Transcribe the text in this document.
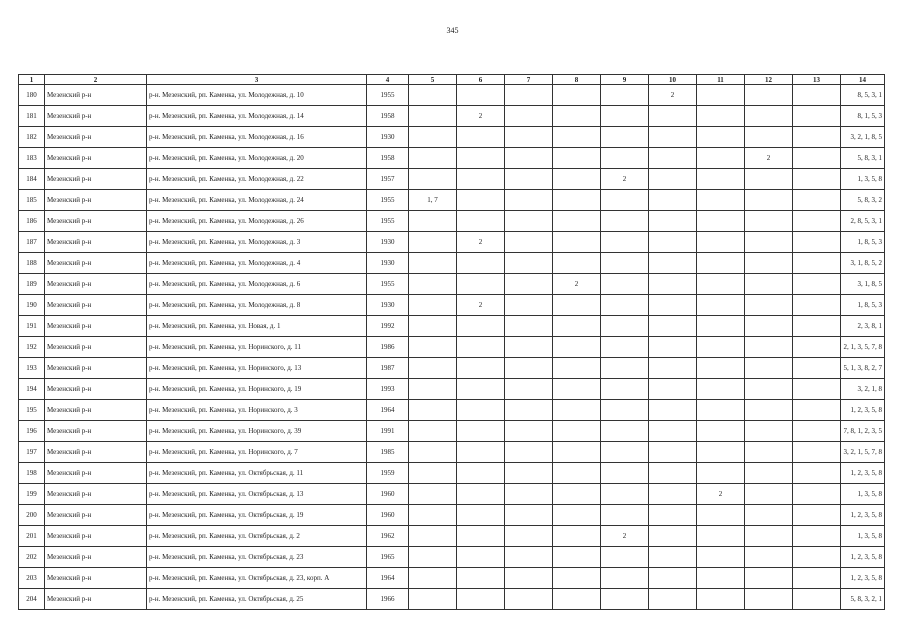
345
1	2	3	4	5	6	7	8	9	10	11	12	13	14
180	Мезенский р-н	р-н. Мезенский, рп. Каменка, ул. Молодежная, д. 10	1955						2				8, 5, 3, 1
181	Мезенский р-н	р-н. Мезенский, рп. Каменка, ул. Молодежная, д. 14	1958		2								8, 1, 5, 3
182	Мезенский р-н	р-н. Мезенский, рп. Каменка, ул. Молодежная, д. 16	1930										3, 2, 1, 8, 5
183	Мезенский р-н	р-н. Мезенский, рп. Каменка, ул. Молодежная, д. 20	1958								2		5, 8, 3, 1
184	Мезенский р-н	р-н. Мезенский, рп. Каменка, ул. Молодежная, д. 22	1957					2					1, 3, 5, 8
185	Мезенский р-н	р-н. Мезенский, рп. Каменка, ул. Молодежная, д. 24	1955	1, 7									5, 8, 3, 2
186	Мезенский р-н	р-н. Мезенский, рп. Каменка, ул. Молодежная, д. 26	1955										2, 8, 5, 3, 1
187	Мезенский р-н	р-н. Мезенский, рп. Каменка, ул. Молодежная, д. 3	1930		2								1, 8, 5, 3
188	Мезенский р-н	р-н. Мезенский, рп. Каменка, ул. Молодежная, д. 4	1930										3, 1, 8, 5, 2
189	Мезенский р-н	р-н. Мезенский, рп. Каменка, ул. Молодежная, д. 6	1955				2						3, 1, 8, 5
190	Мезенский р-н	р-н. Мезенский, рп. Каменка, ул. Молодежная, д. 8	1930		2								1, 8, 5, 3
191	Мезенский р-н	р-н. Мезенский, рп. Каменка, ул. Новая, д. 1	1992										2, 3, 8, 1
192	Мезенский р-н	р-н. Мезенский, рп. Каменка, ул. Норинского, д. 11	1986										2, 1, 3, 5, 7, 8
193	Мезенский р-н	р-н. Мезенский, рп. Каменка, ул. Норинского, д. 13	1987										5, 1, 3, 8, 2, 7
194	Мезенский р-н	р-н. Мезенский, рп. Каменка, ул. Норинского, д. 19	1993										3, 2, 1, 8
195	Мезенский р-н	р-н. Мезенский, рп. Каменка, ул. Норинского, д. 3	1964										1, 2, 3, 5, 8
196	Мезенский р-н	р-н. Мезенский, рп. Каменка, ул. Норинского, д. 39	1991										7, 8, 1, 2, 3, 5
197	Мезенский р-н	р-н. Мезенский, рп. Каменка, ул. Норинского, д. 7	1985										3, 2, 1, 5, 7, 8
198	Мезенский р-н	р-н. Мезенский, рп. Каменка, ул. Октябрьская, д. 11	1959										1, 2, 3, 5, 8
199	Мезенский р-н	р-н. Мезенский, рп. Каменка, ул. Октябрьская, д. 13	1960							2			1, 3, 5, 8
200	Мезенский р-н	р-н. Мезенский, рп. Каменка, ул. Октябрьская, д. 19	1960										1, 2, 3, 5, 8
201	Мезенский р-н	р-н. Мезенский, рп. Каменка, ул. Октябрьская, д. 2	1962					2					1, 3, 5, 8
202	Мезенский р-н	р-н. Мезенский, рп. Каменка, ул. Октябрьская, д. 23	1965										1, 2, 3, 5, 8
203	Мезенский р-н	р-н. Мезенский, рп. Каменка, ул. Октябрьская, д. 23, корп. А	1964										1, 2, 3, 5, 8
204	Мезенский р-н	р-н. Мезенский, рп. Каменка, ул. Октябрьская, д. 25	1966										5, 8, 3, 2, 1
